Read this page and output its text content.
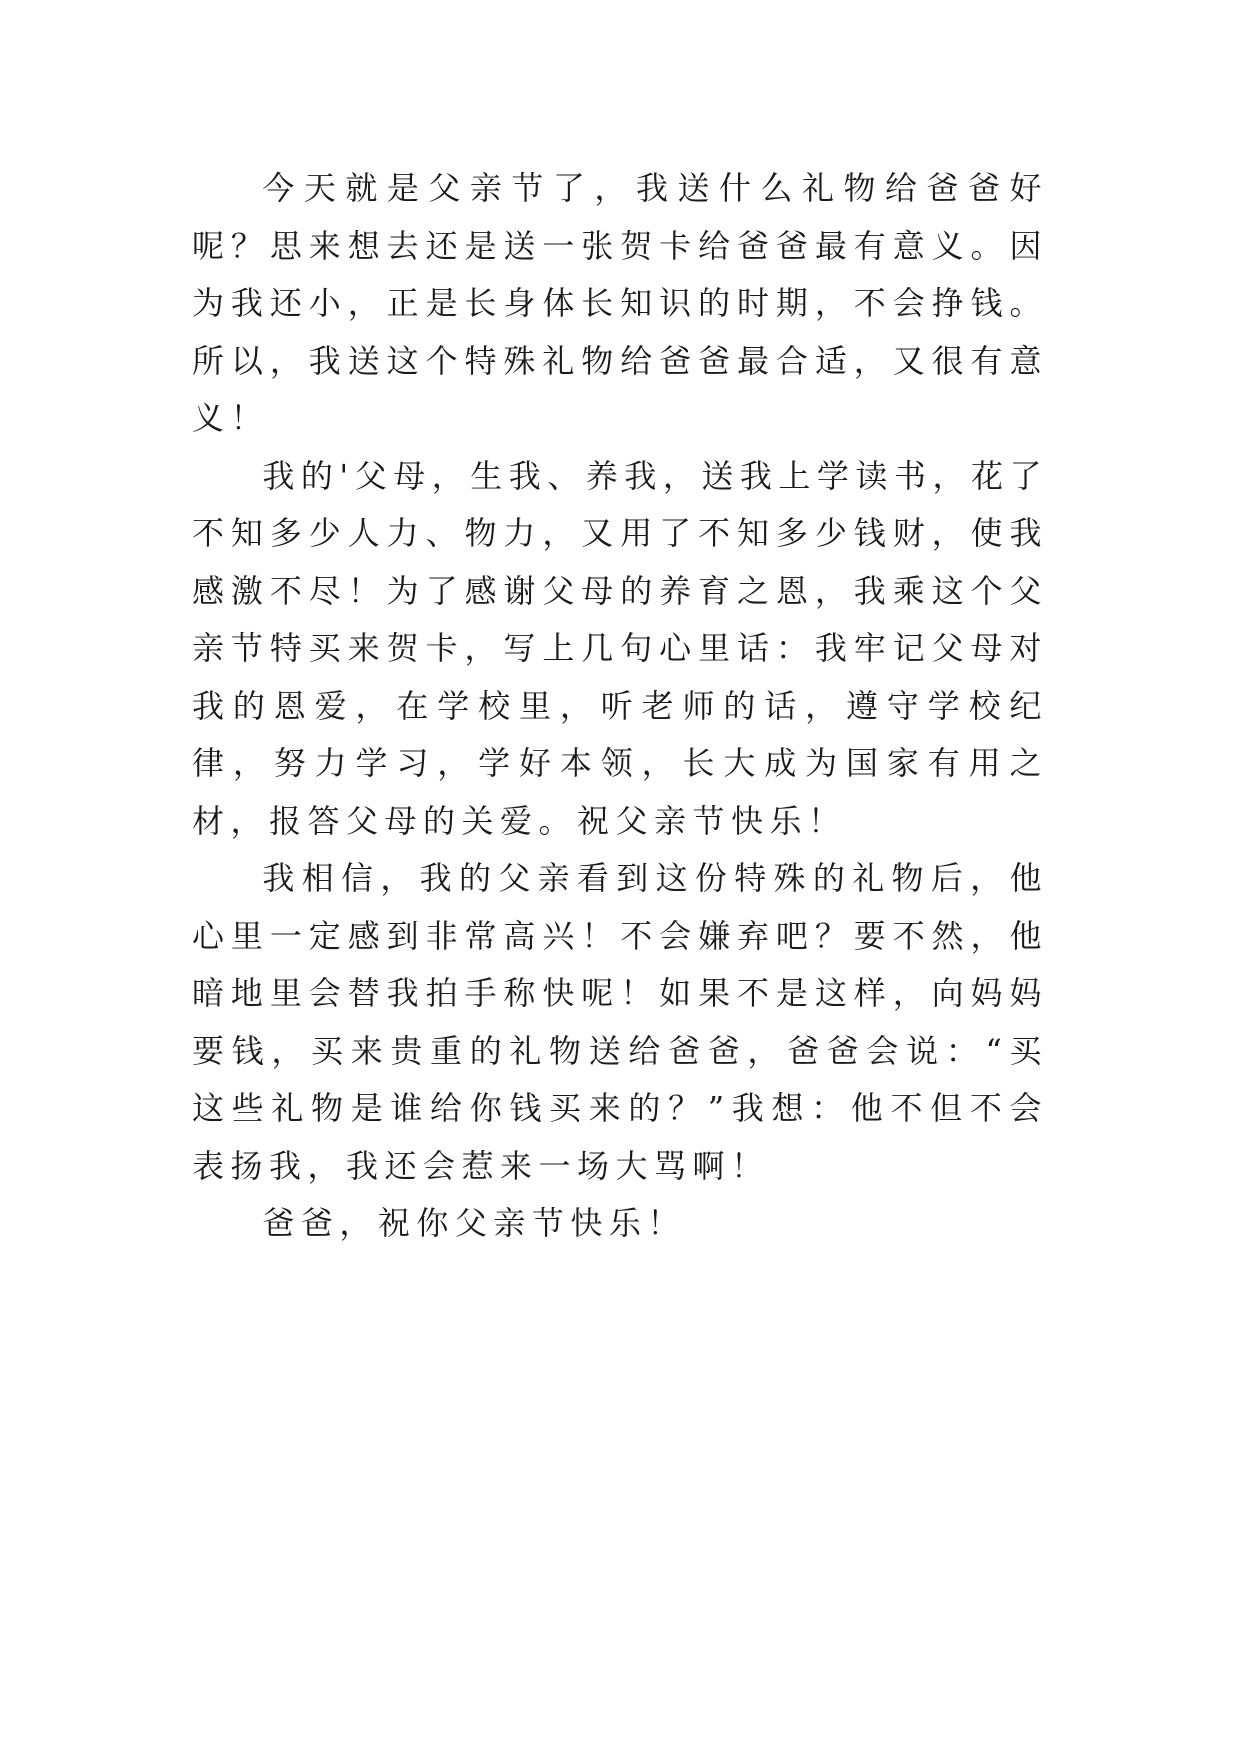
今天就是父亲节了，我送什么礼物给爸爸好呢？思来想去还是送一张贺卡给爸爸最有意义。因为我还小，正是长身体长知识的时期，不会挣钱。所以，我送这个特殊礼物给爸爸最合适，又很有意义！

我的'父母，生我、养我，送我上学读书，花了不知多少人力、物力，又用了不知多少钱财，使我感激不尽！为了感谢父母的养育之恩，我乘这个父亲节特买来贺卡，写上几句心里话：我牢记父母对我的恩爱，在学校里，听老师的话，遵守学校纪律，努力学习，学好本领，长大成为国家有用之材，报答父母的关爱。祝父亲节快乐！

我相信，我的父亲看到这份特殊的礼物后，他心里一定感到非常高兴！不会嫌弃吧？要不然，他暗地里会替我拍手称快呢！如果不是这样，向妈妈要钱，买来贵重的礼物送给爸爸，爸爸会说：“买这些礼物是谁给你钱买来的？”我想：他不但不会表扬我，我还会惹来一场大骂啊！

爸爸，祝你父亲节快乐！
